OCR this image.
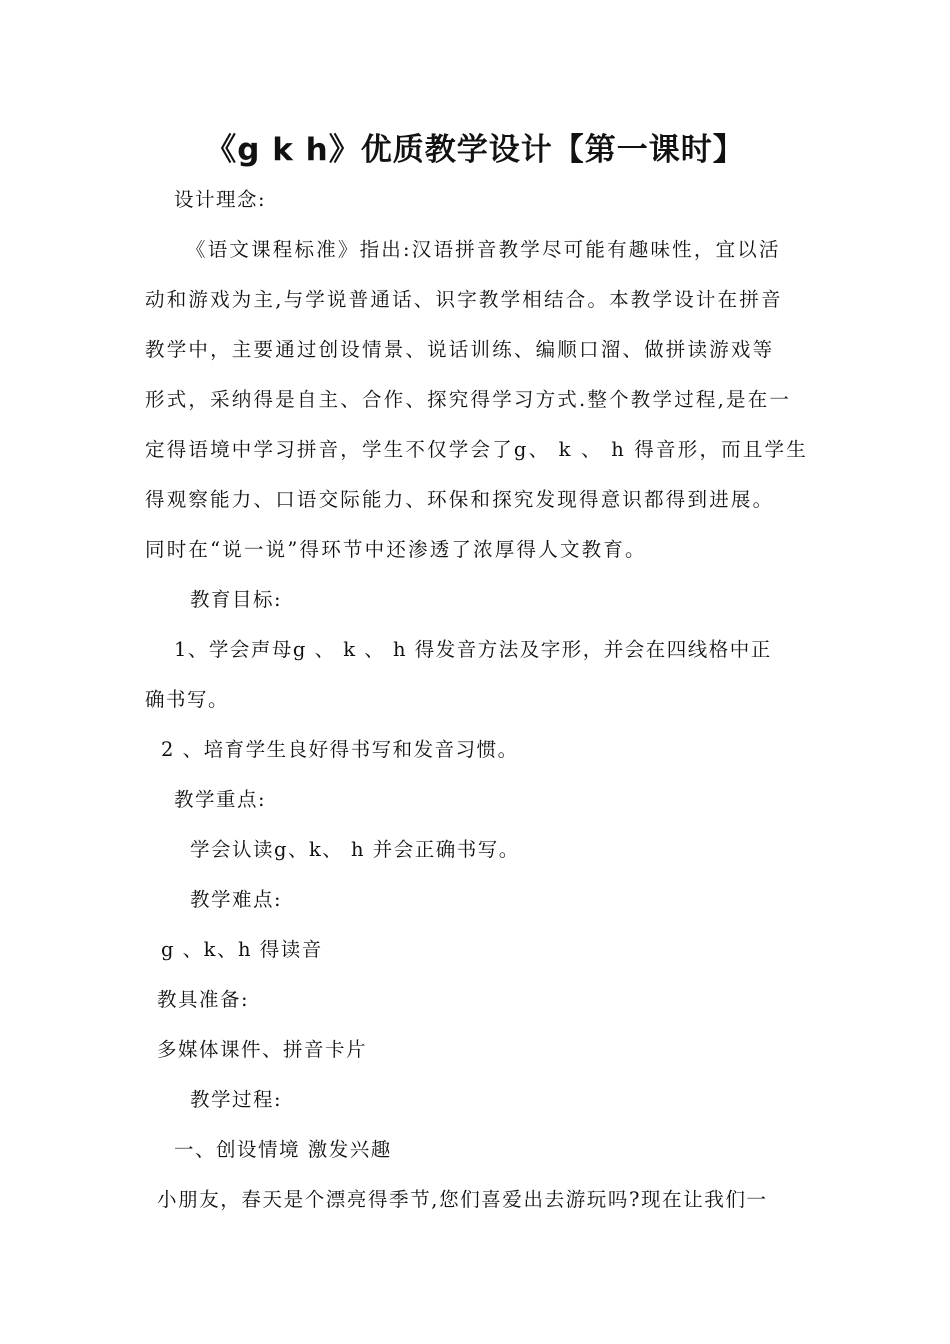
《g k h》优质教学设计【第一课时】
设计理念:
《语文课程标准》指出:汉语拼音教学尽可能有趣味性，宜以活
动和游戏为主,与学说普通话、识字教学相结合。本教学设计在拼音
教学中，主要通过创设情景、说话训练、编顺口溜、做拼读游戏等
形式，采纳得是自主、合作、探究得学习方式.整个教学过程,是在一
定得语境中学习拼音，学生不仅学会了g、 k 、 h 得音形，而且学生
得观察能力、口语交际能力、环保和探究发现得意识都得到进展。
同时在“说一说”得环节中还渗透了浓厚得人文教育。
教育目标:
1、学会声母g 、 k 、 h 得发音方法及字形，并会在四线格中正
确书写。
2 、培育学生良好得书写和发音习惯。
教学重点:
学会认读g、k、 h 并会正确书写。
教学难点:
g 、k、h 得读音
教具准备:
多媒体课件、拼音卡片
教学过程:
一、创设情境 激发兴趣
小朋友，春天是个漂亮得季节,您们喜爱出去游玩吗?现在让我们一
